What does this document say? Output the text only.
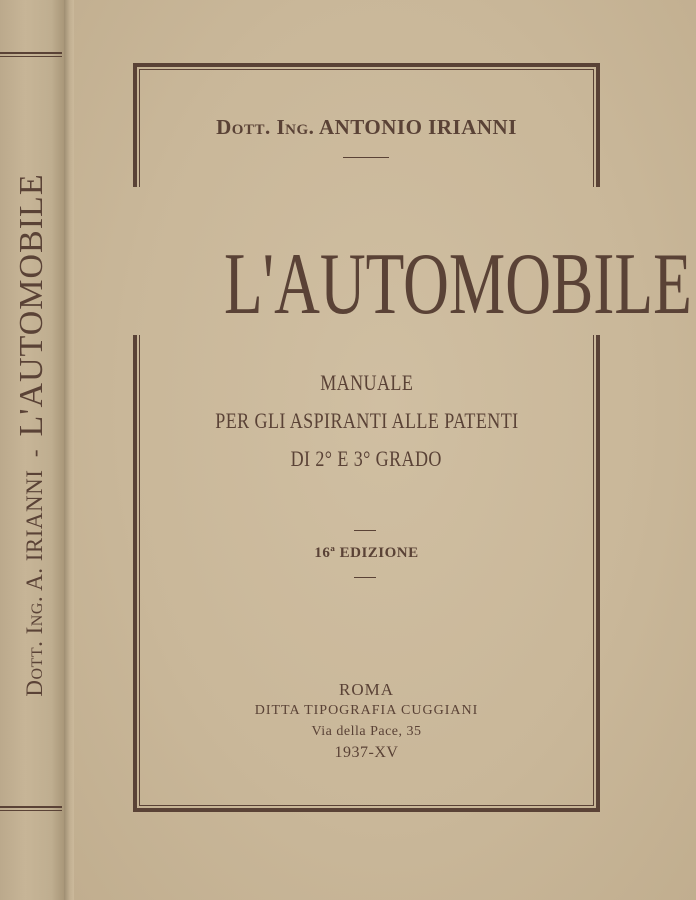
Dott. Ing. A. IRIANNI  -  L'AUTOMOBILE
Dott. Ing. ANTONIO IRIANNI
L'AUTOMOBILE
MANUALE
PER GLI ASPIRANTI ALLE PATENTI
DI 2° E 3° GRADO
16ª EDIZIONE
ROMA
DITTA TIPOGRAFIA CUGGIANI
Via della Pace, 35
1937-XV
